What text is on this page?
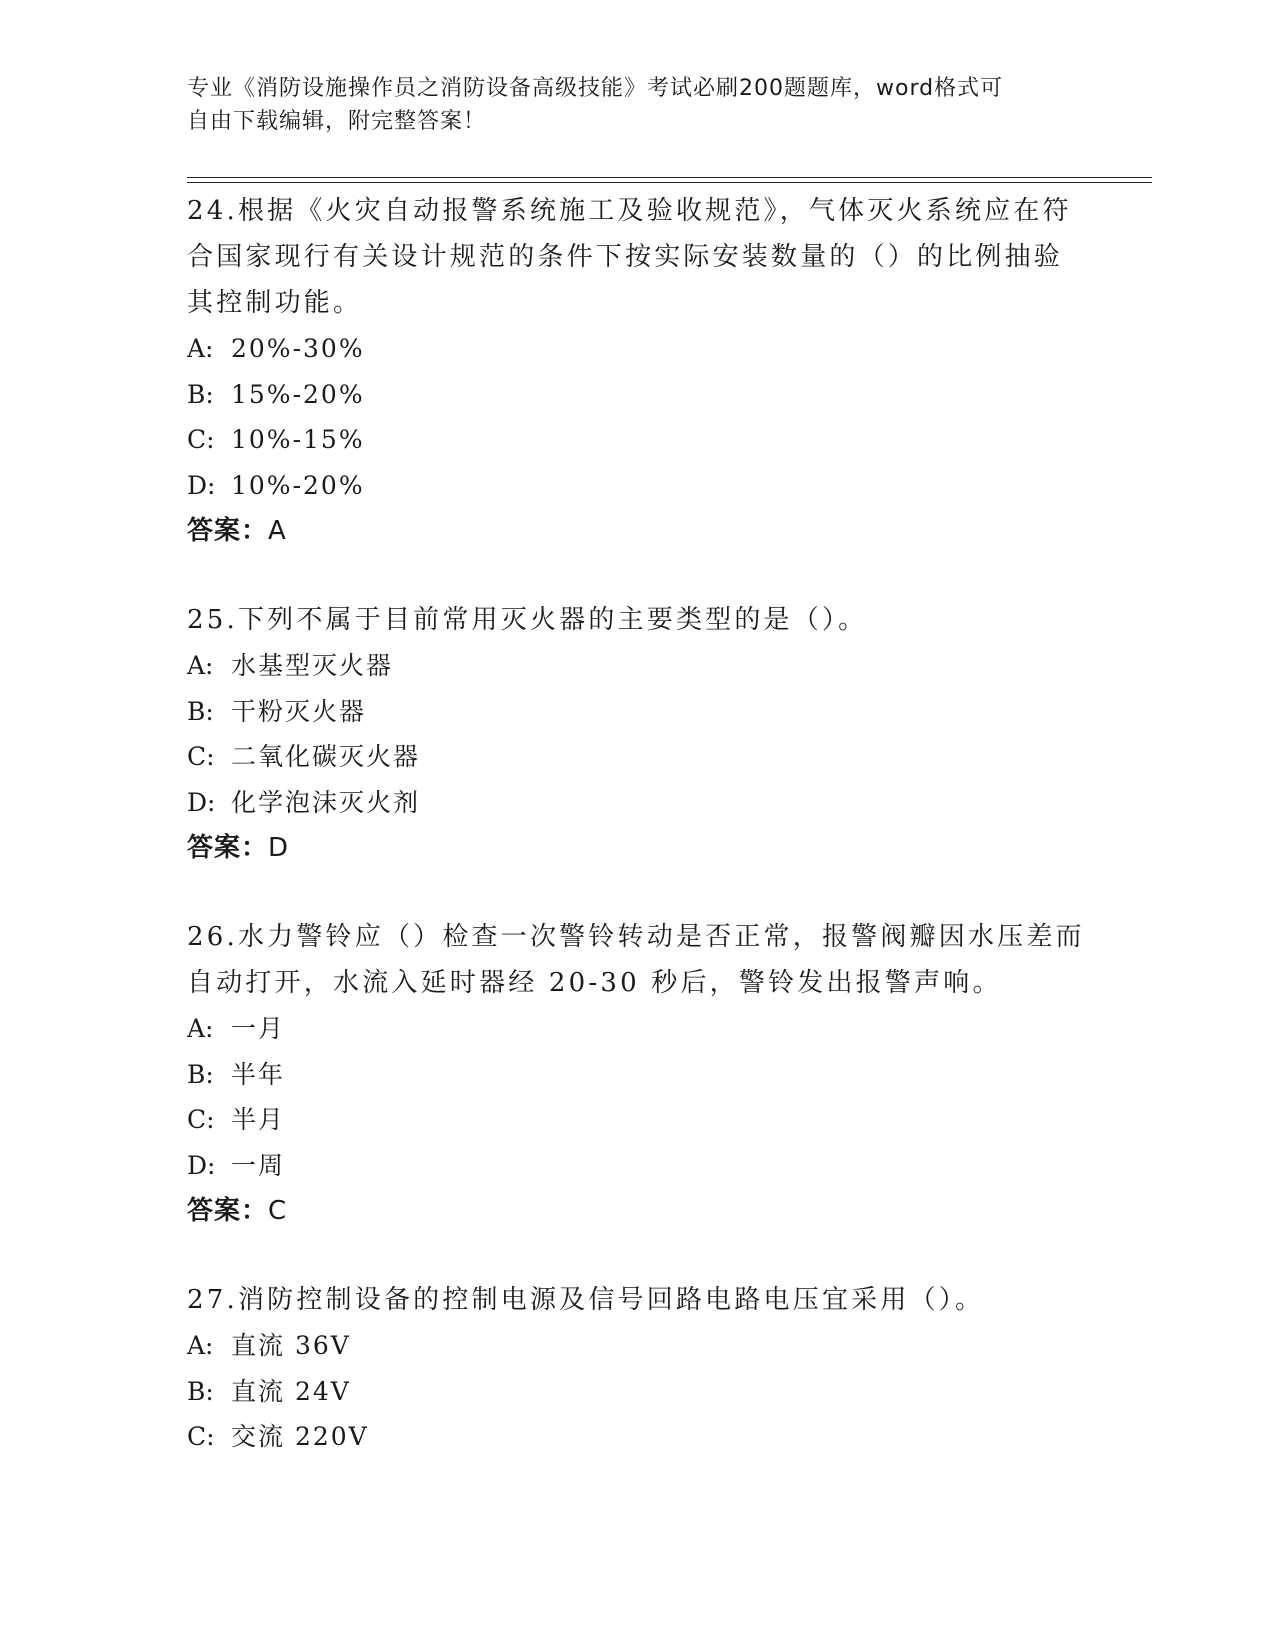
专业《消防设施操作员之消防设备高级技能》考试必刷200题题库，word格式可
自由下载编辑，附完整答案！
24.根据《火灾自动报警系统施工及验收规范》，气体灭火系统应在符
合国家现行有关设计规范的条件下按实际安装数量的（）的比例抽验
其控制功能。
A: 20%-30%
B: 15%-20%
C: 10%-15%
D: 10%-20%
答案：A
25.下列不属于目前常用灭火器的主要类型的是（）。
A: 水基型灭火器
B: 干粉灭火器
C: 二氧化碳灭火器
D: 化学泡沫灭火剂
答案：D
26.水力警铃应（）检查一次警铃转动是否正常，报警阀瓣因水压差而
自动打开，水流入延时器经 20-30 秒后，警铃发出报警声响。
A: 一月
B: 半年
C: 半月
D: 一周
答案：C
27.消防控制设备的控制电源及信号回路电路电压宜采用（）。
A: 直流 36V
B: 直流 24V
C: 交流 220V
